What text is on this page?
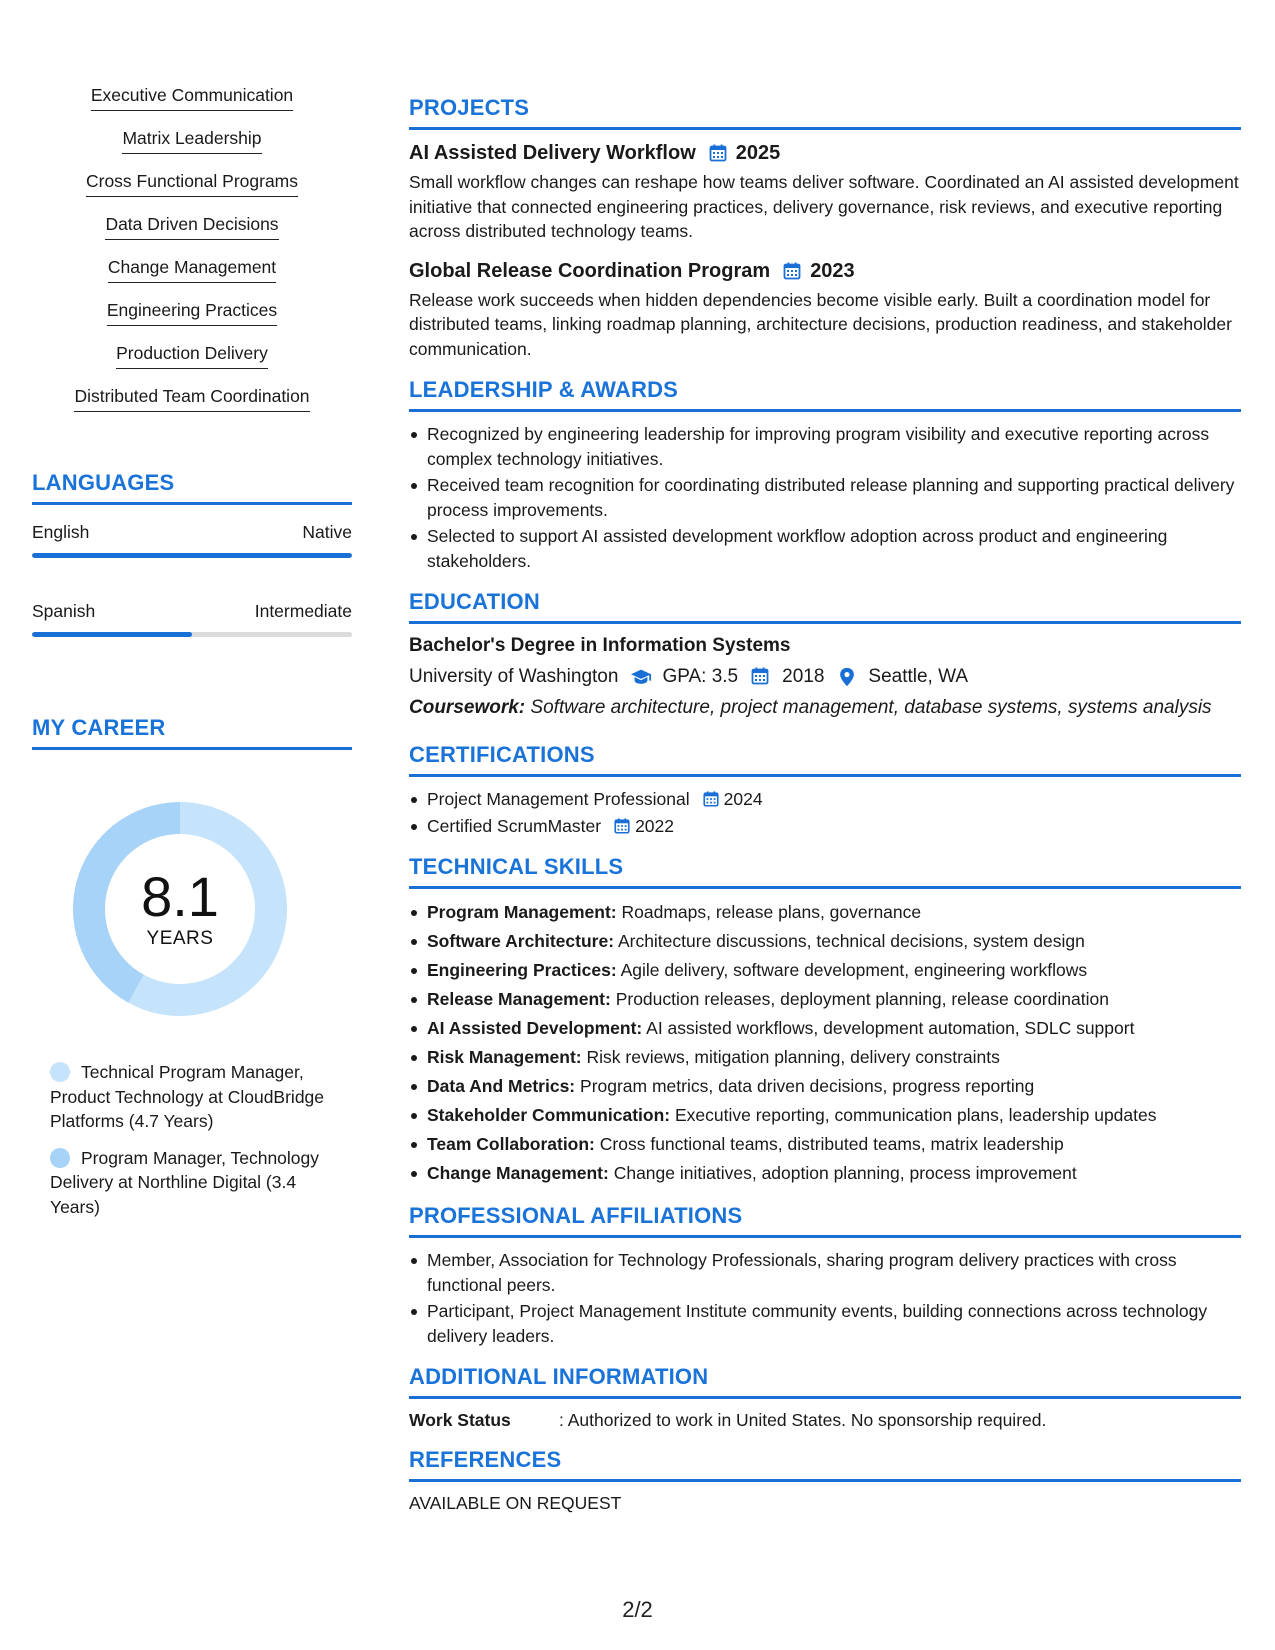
Executive Communication
Matrix Leadership
Cross Functional Programs
Data Driven Decisions
Change Management
Engineering Practices
Production Delivery
Distributed Team Coordination
LANGUAGES
English	Native
Spanish	Intermediate
MY CAREER
8.1
YEARS
Technical Program Manager, Product Technology at CloudBridge Platforms (4.7 Years)
Program Manager, Technology Delivery at Northline Digital (3.4 Years)
PROJECTS
AI Assisted Delivery Workflow 2025
Small workflow changes can reshape how teams deliver software. Coordinated an AI assisted development initiative that connected engineering practices, delivery governance, risk reviews, and executive reporting across distributed technology teams.
Global Release Coordination Program 2023
Release work succeeds when hidden dependencies become visible early. Built a coordination model for distributed teams, linking roadmap planning, architecture decisions, production readiness, and stakeholder communication.
LEADERSHIP & AWARDS
Recognized by engineering leadership for improving program visibility and executive reporting across complex technology initiatives.
Received team recognition for coordinating distributed release planning and supporting practical delivery process improvements.
Selected to support AI assisted development workflow adoption across product and engineering stakeholders.
EDUCATION
Bachelor's Degree in Information Systems
University of Washington GPA: 3.5 2018 Seattle, WA
Coursework: Software architecture, project management, database systems, systems analysis
CERTIFICATIONS
Project Management Professional 2024
Certified ScrumMaster 2022
TECHNICAL SKILLS
Program Management: Roadmaps, release plans, governance
Software Architecture: Architecture discussions, technical decisions, system design
Engineering Practices: Agile delivery, software development, engineering workflows
Release Management: Production releases, deployment planning, release coordination
AI Assisted Development: AI assisted workflows, development automation, SDLC support
Risk Management: Risk reviews, mitigation planning, delivery constraints
Data And Metrics: Program metrics, data driven decisions, progress reporting
Stakeholder Communication: Executive reporting, communication plans, leadership updates
Team Collaboration: Cross functional teams, distributed teams, matrix leadership
Change Management: Change initiatives, adoption planning, process improvement
PROFESSIONAL AFFILIATIONS
Member, Association for Technology Professionals, sharing program delivery practices with cross functional peers.
Participant, Project Management Institute community events, building connections across technology delivery leaders.
ADDITIONAL INFORMATION
Work Status	: Authorized to work in United States. No sponsorship required.
REFERENCES
AVAILABLE ON REQUEST
2/2
